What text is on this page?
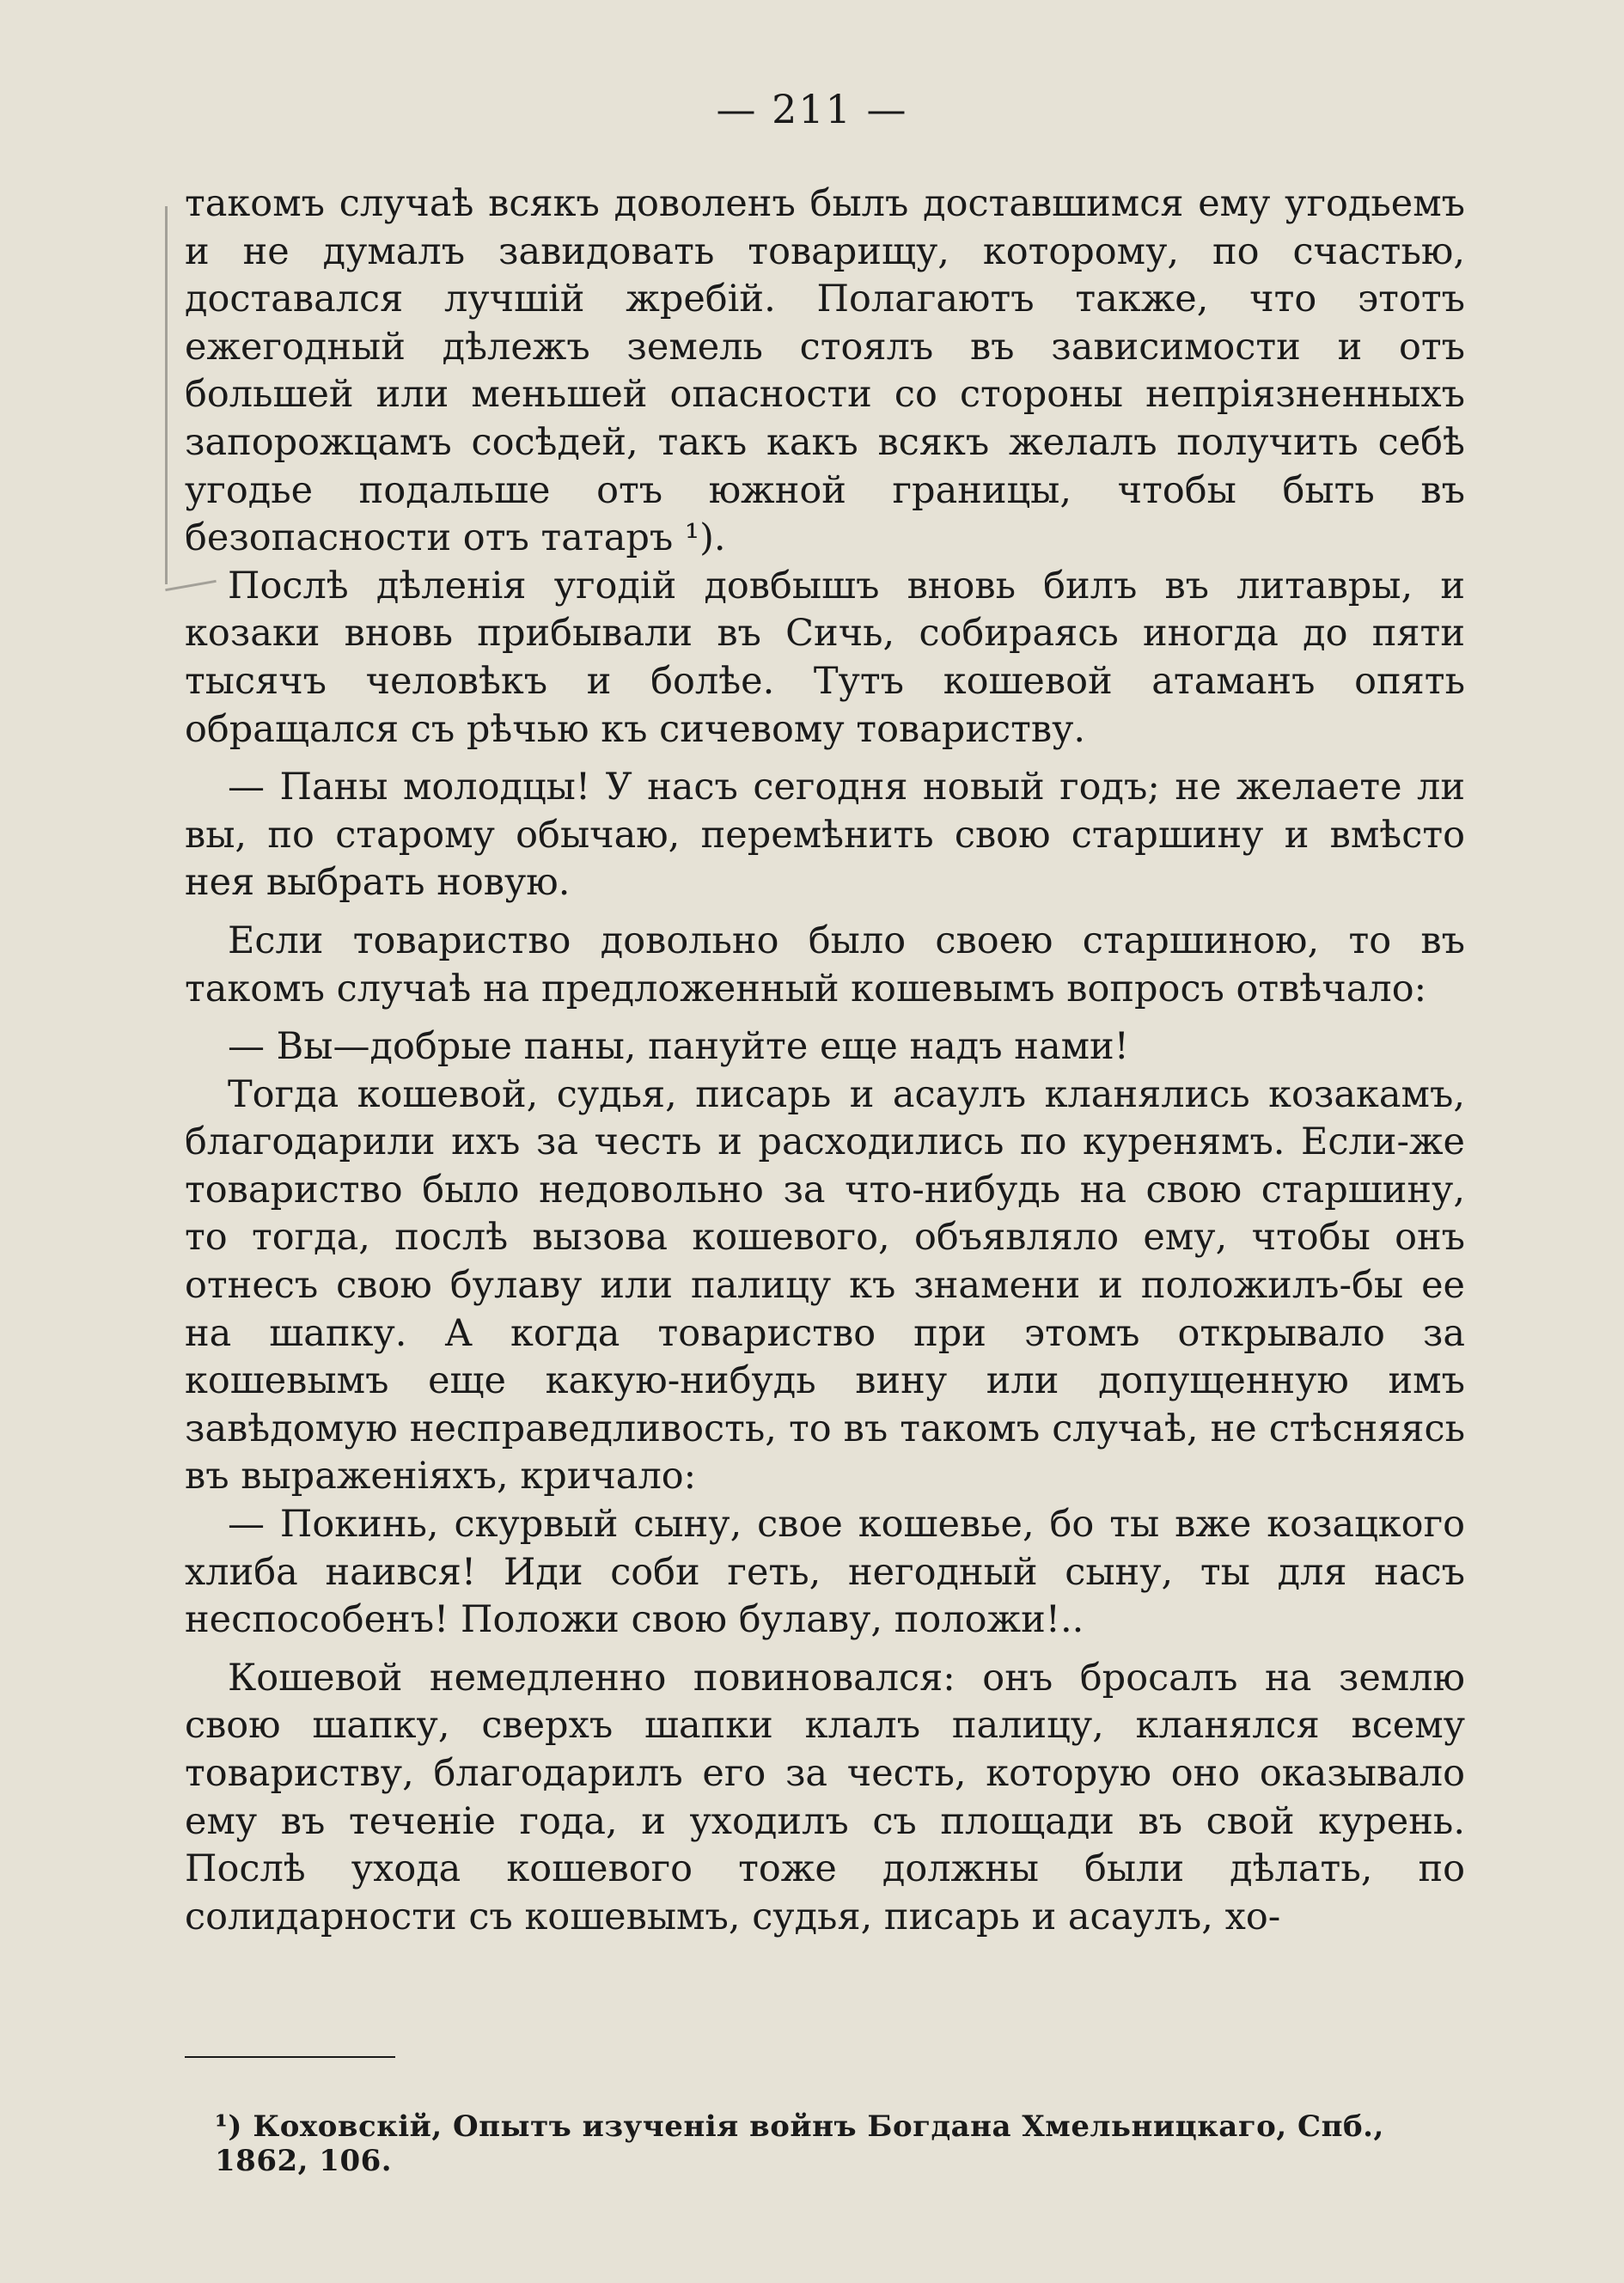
— 211 —

такомъ случаѣ всякъ доволенъ былъ доставшимся ему угодьемъ и не думалъ завидовать товарищу, которому, по счастью, доставался лучшій жребій. Полагаютъ также, что этотъ ежегодный дѣлежъ земель стоялъ въ зависимости и отъ большей или меньшей опасности со стороны непріязненныхъ запорожцамъ сосѣдей, такъ какъ всякъ желалъ получить себѣ угодье подальше отъ южной границы, чтобы быть въ безопасности отъ татаръ ¹).

Послѣ дѣленія угодій довбышъ вновь билъ въ литавры, и козаки вновь прибывали въ Сичь, собираясь иногда до пяти тысячъ человѣкъ и болѣе. Тутъ кошевой атаманъ опять обращался съ рѣчью къ сичевому товариству.

— Паны молодцы! У насъ сегодня новый годъ; не желаете ли вы, по старому обычаю, перемѣнить свою старшину и вмѣсто нея выбрать новую.

Если товариство довольно было своею старшиною, то въ такомъ случаѣ на предложенный кошевымъ вопросъ отвѣчало:

— Вы—добрые паны, пануйте еще надъ нами!

Тогда кошевой, судья, писарь и асаулъ кланялись козакамъ, благодарили ихъ за честь и расходились по куренямъ. Если-же товариство было недовольно за что-нибудь на свою старшину, то тогда, послѣ вызова кошевого, объявляло ему, чтобы онъ отнесъ свою булаву или палицу къ знамени и положилъ-бы ее на шапку. А когда товариство при этомъ открывало за кошевымъ еще какую-нибудь вину или допущенную имъ завѣдомую несправедливость, то въ такомъ случаѣ, не стѣсняясь въ выраженіяхъ, кричало:

— Покинь, скурвый сыну, свое кошевье, бо ты вже козацкого хлиба наився! Иди соби геть, негодный сыну, ты для насъ неспособенъ! Положи свою булаву, положи!..

Кошевой немедленно повиновался: онъ бросалъ на землю свою шапку, сверхъ шапки клалъ палицу, кланялся всему товариству, благодарилъ его за честь, которую оно оказывало ему въ теченіе года, и уходилъ съ площади въ свой курень. Послѣ ухода кошевого тоже должны были дѣлать, по солидарности съ кошевымъ, судья, писарь и асаулъ, хо-

¹) Коховскій, Опытъ изученія войнъ Богдана Хмельницкаго, Спб., 1862, 106.
